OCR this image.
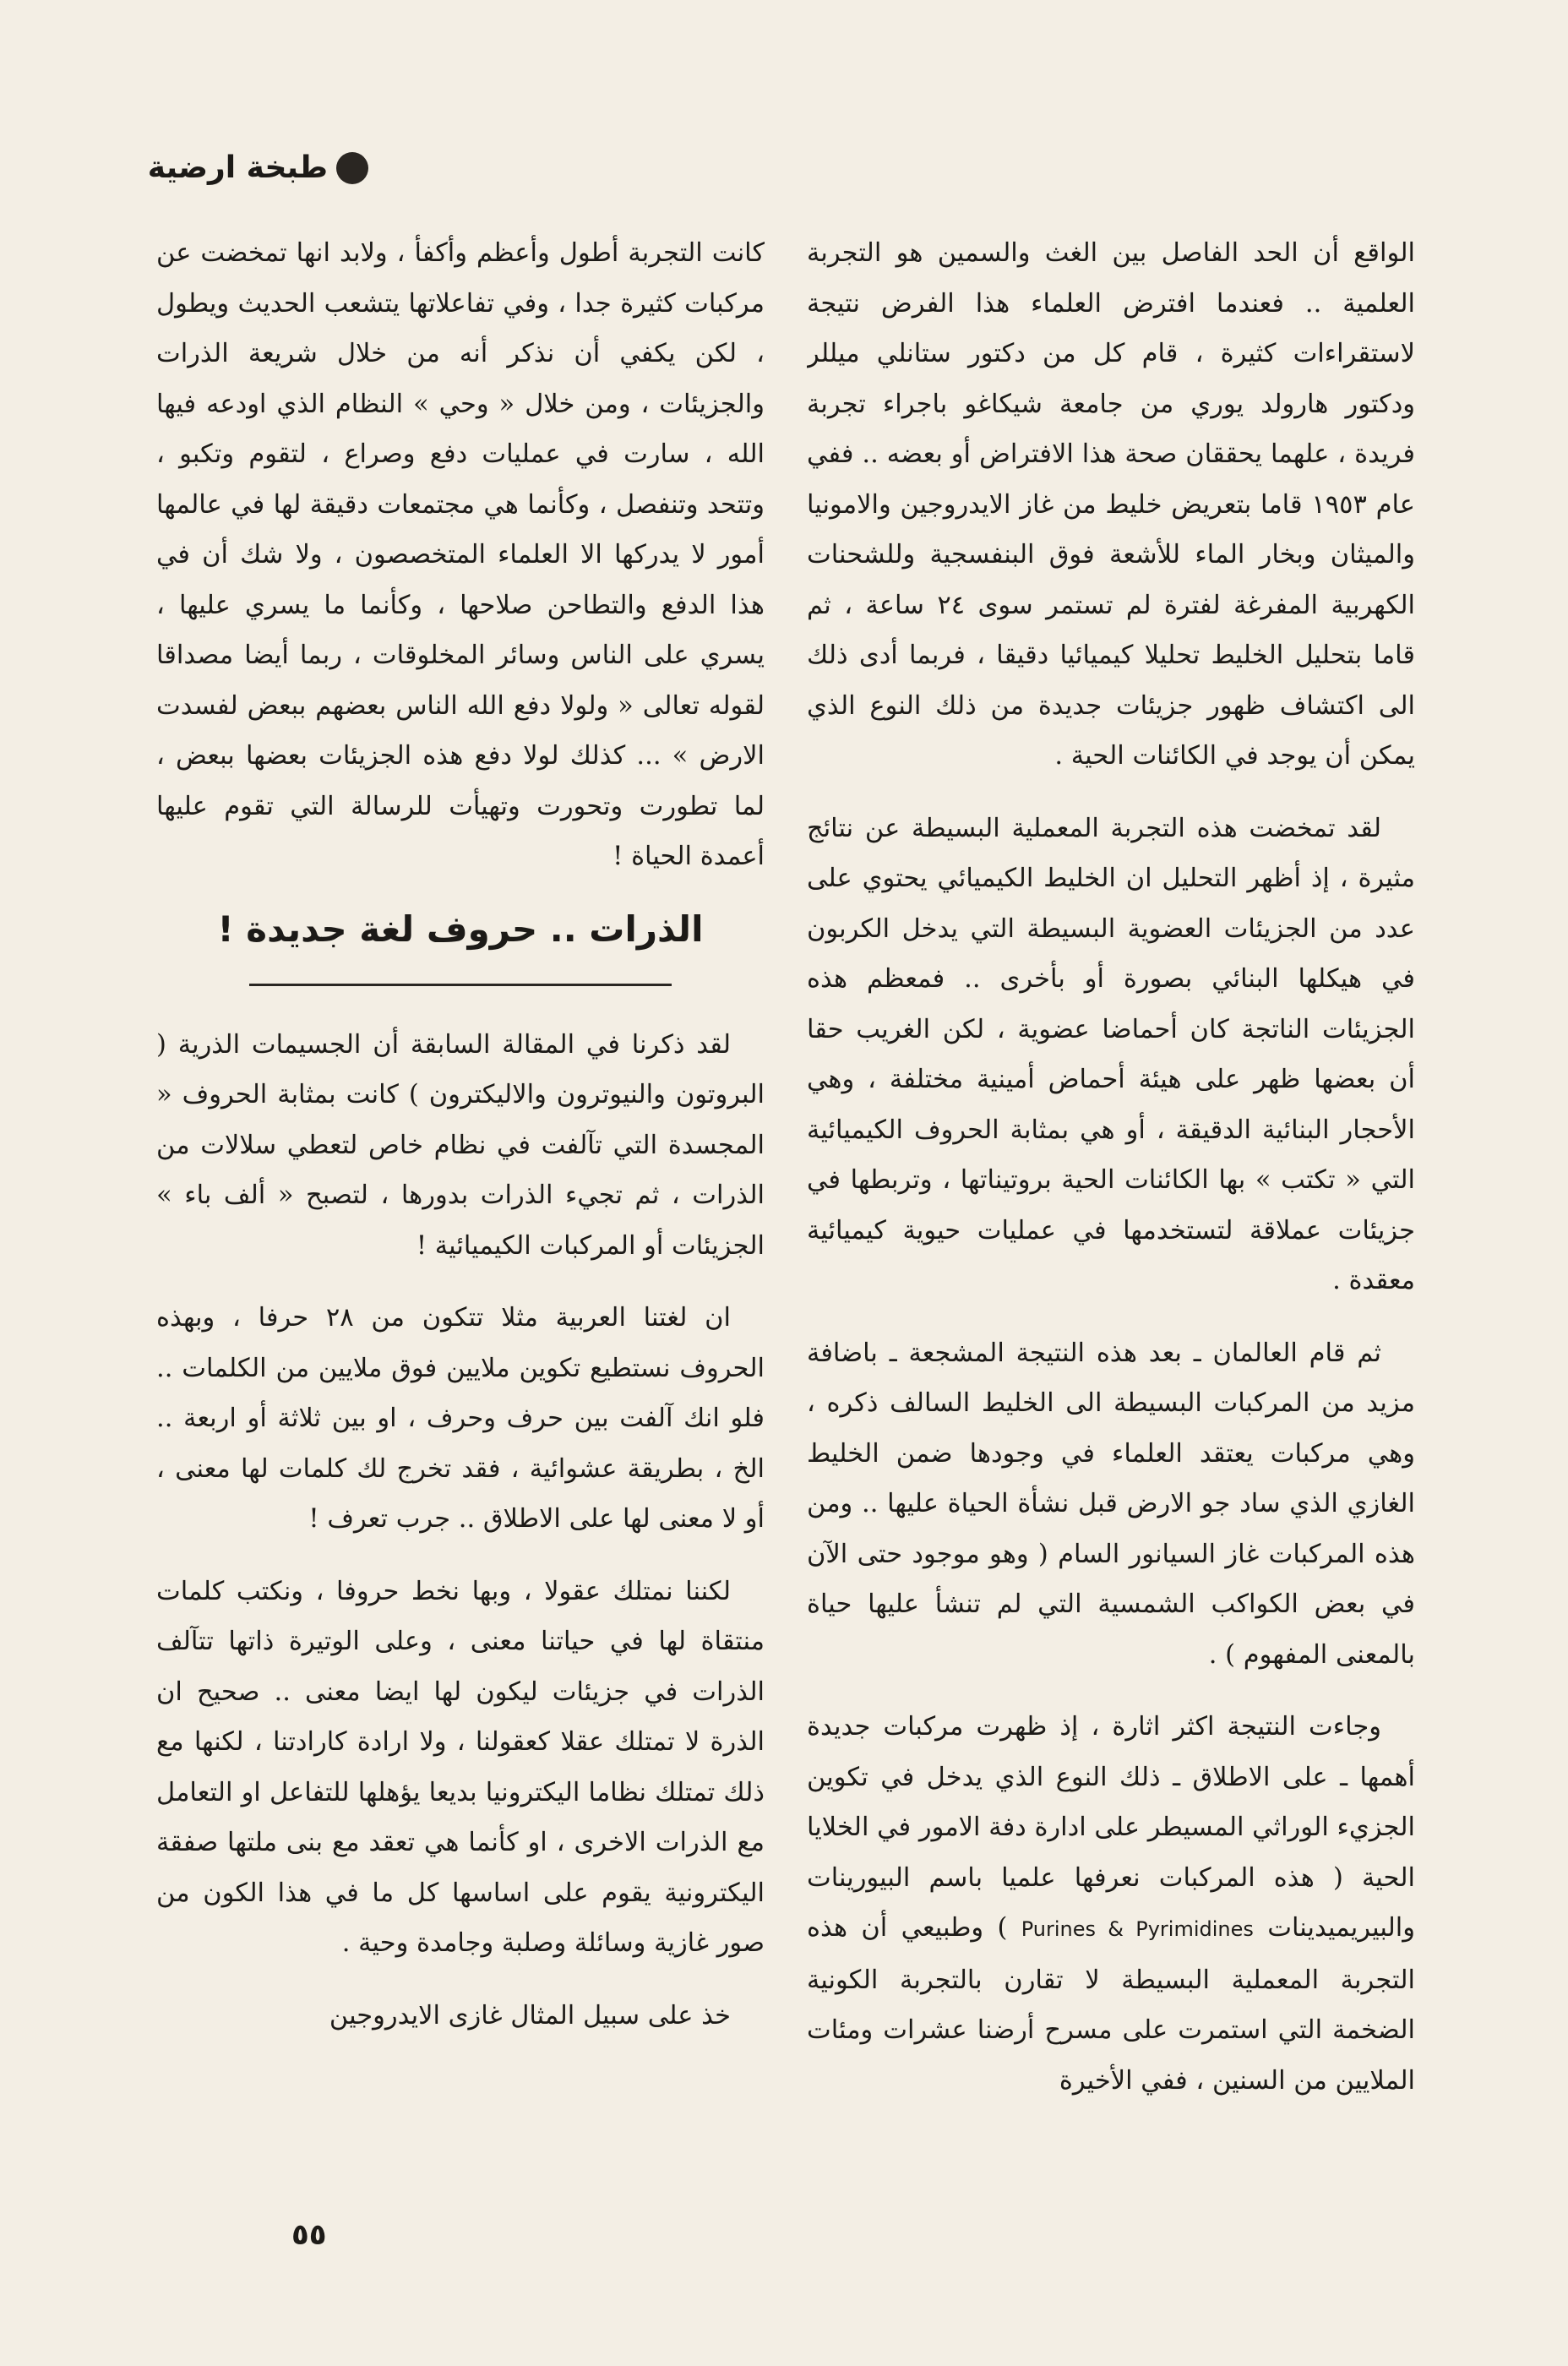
طبخة ارضية

الواقع أن الحد الفاصل بين الغث والسمين هو التجربة العلمية .. فعندما افترض العلماء هذا الفرض نتيجة لاستقراءات كثيرة ، قام كل من دكتور ستانلي ميللر ودكتور هارولد يوري من جامعة شيكاغو باجراء تجربة فريدة ، علهما يحققان صحة هذا الافتراض أو بعضه .. ففي عام ١٩٥٣ قاما بتعريض خليط من غاز الايدروجين والامونيا والميثان وبخار الماء للأشعة فوق البنفسجية وللشحنات الكهربية المفرغة لفترة لم تستمر سوى ٢٤ ساعة ، ثم قاما بتحليل الخليط تحليلا كيميائيا دقيقا ، فربما أدى ذلك الى اكتشاف ظهور جزيئات جديدة من ذلك النوع الذي يمكن أن يوجد في الكائنات الحية .

لقد تمخضت هذه التجربة المعملية البسيطة عن نتائج مثيرة ، إذ أظهر التحليل ان الخليط الكيميائي يحتوي على عدد من الجزيئات العضوية البسيطة التي يدخل الكربون في هيكلها البنائي بصورة أو بأخرى .. فمعظم هذه الجزيئات الناتجة كان أحماضا عضوية ، لكن الغريب حقا أن بعضها ظهر على هيئة أحماض أمينية مختلفة ، وهي الأحجار البنائية الدقيقة ، أو هي بمثابة الحروف الكيميائية التي « تكتب » بها الكائنات الحية بروتيناتها ، وتربطها في جزيئات عملاقة لتستخدمها في عمليات حيوية كيميائية معقدة .

ثم قام العالمان ـ بعد هذه النتيجة المشجعة ـ باضافة مزيد من المركبات البسيطة الى الخليط السالف ذكره ، وهي مركبات يعتقد العلماء في وجودها ضمن الخليط الغازي الذي ساد جو الارض قبل نشأة الحياة عليها .. ومن هذه المركبات غاز السيانور السام ( وهو موجود حتى الآن في بعض الكواكب الشمسية التي لم تنشأ عليها حياة بالمعنى المفهوم ) .

وجاءت النتيجة اكثر اثارة ، إذ ظهرت مركبات جديدة أهمها ـ على الاطلاق ـ ذلك النوع الذي يدخل في تكوين الجزيء الوراثي المسيطر على ادارة دفة الامور في الخلايا الحية ( هذه المركبات نعرفها علميا باسم البيورينات والبيريميدينات Purines & Pyrimidines ) وطبيعي أن هذه التجربة المعملية البسيطة لا تقارن بالتجربة الكونية الضخمة التي استمرت على مسرح أرضنا عشرات ومئات الملايين من السنين ، ففي الأخيرة

كانت التجربة أطول وأعظم وأكفأ ، ولابد انها تمخضت عن مركبات كثيرة جدا ، وفي تفاعلاتها يتشعب الحديث ويطول ، لكن يكفي أن نذكر أنه من خلال شريعة الذرات والجزيئات ، ومن خلال « وحي » النظام الذي اودعه فيها الله ، سارت في عمليات دفع وصراع ، لتقوم وتكبو ، وتتحد وتنفصل ، وكأنما هي مجتمعات دقيقة لها في عالمها أمور لا يدركها الا العلماء المتخصصون ، ولا شك أن في هذا الدفع والتطاحن صلاحها ، وكأنما ما يسري عليها ، يسري على الناس وسائر المخلوقات ، ربما أيضا مصداقا لقوله تعالى « ولولا دفع الله الناس بعضهم ببعض لفسدت الارض » ... كذلك لولا دفع هذه الجزيئات بعضها ببعض ، لما تطورت وتحورت وتهيأت للرسالة التي تقوم عليها أعمدة الحياة !

الذرات .. حروف لغة جديدة !

لقد ذكرنا في المقالة السابقة أن الجسيمات الذرية ( البروتون والنيوترون والاليكترون ) كانت بمثابة الحروف « المجسدة التي تآلفت في نظام خاص لتعطي سلالات من الذرات ، ثم تجيء الذرات بدورها ، لتصبح « ألف باء » الجزيئات أو المركبات الكيميائية !

ان لغتنا العربية مثلا تتكون من ٢٨ حرفا ، وبهذه الحروف نستطيع تكوين ملايين فوق ملايين من الكلمات .. فلو انك آلفت بين حرف وحرف ، او بين ثلاثة أو اربعة .. الخ ، بطريقة عشوائية ، فقد تخرج لك كلمات لها معنى ، أو لا معنى لها على الاطلاق .. جرب تعرف !

لكننا نمتلك عقولا ، وبها نخط حروفا ، ونكتب كلمات منتقاة لها في حياتنا معنى ، وعلى الوتيرة ذاتها تتآلف الذرات في جزيئات ليكون لها ايضا معنى .. صحيح ان الذرة لا تمتلك عقلا كعقولنا ، ولا ارادة كارادتنا ، لكنها مع ذلك تمتلك نظاما اليكترونيا بديعا يؤهلها للتفاعل او التعامل مع الذرات الاخرى ، او كأنما هي تعقد مع بنى ملتها صفقة اليكترونية يقوم على اساسها كل ما في هذا الكون من صور غازية وسائلة وصلبة وجامدة وحية .

خذ على سبيل المثال غازى الايدروجين

٥٥
